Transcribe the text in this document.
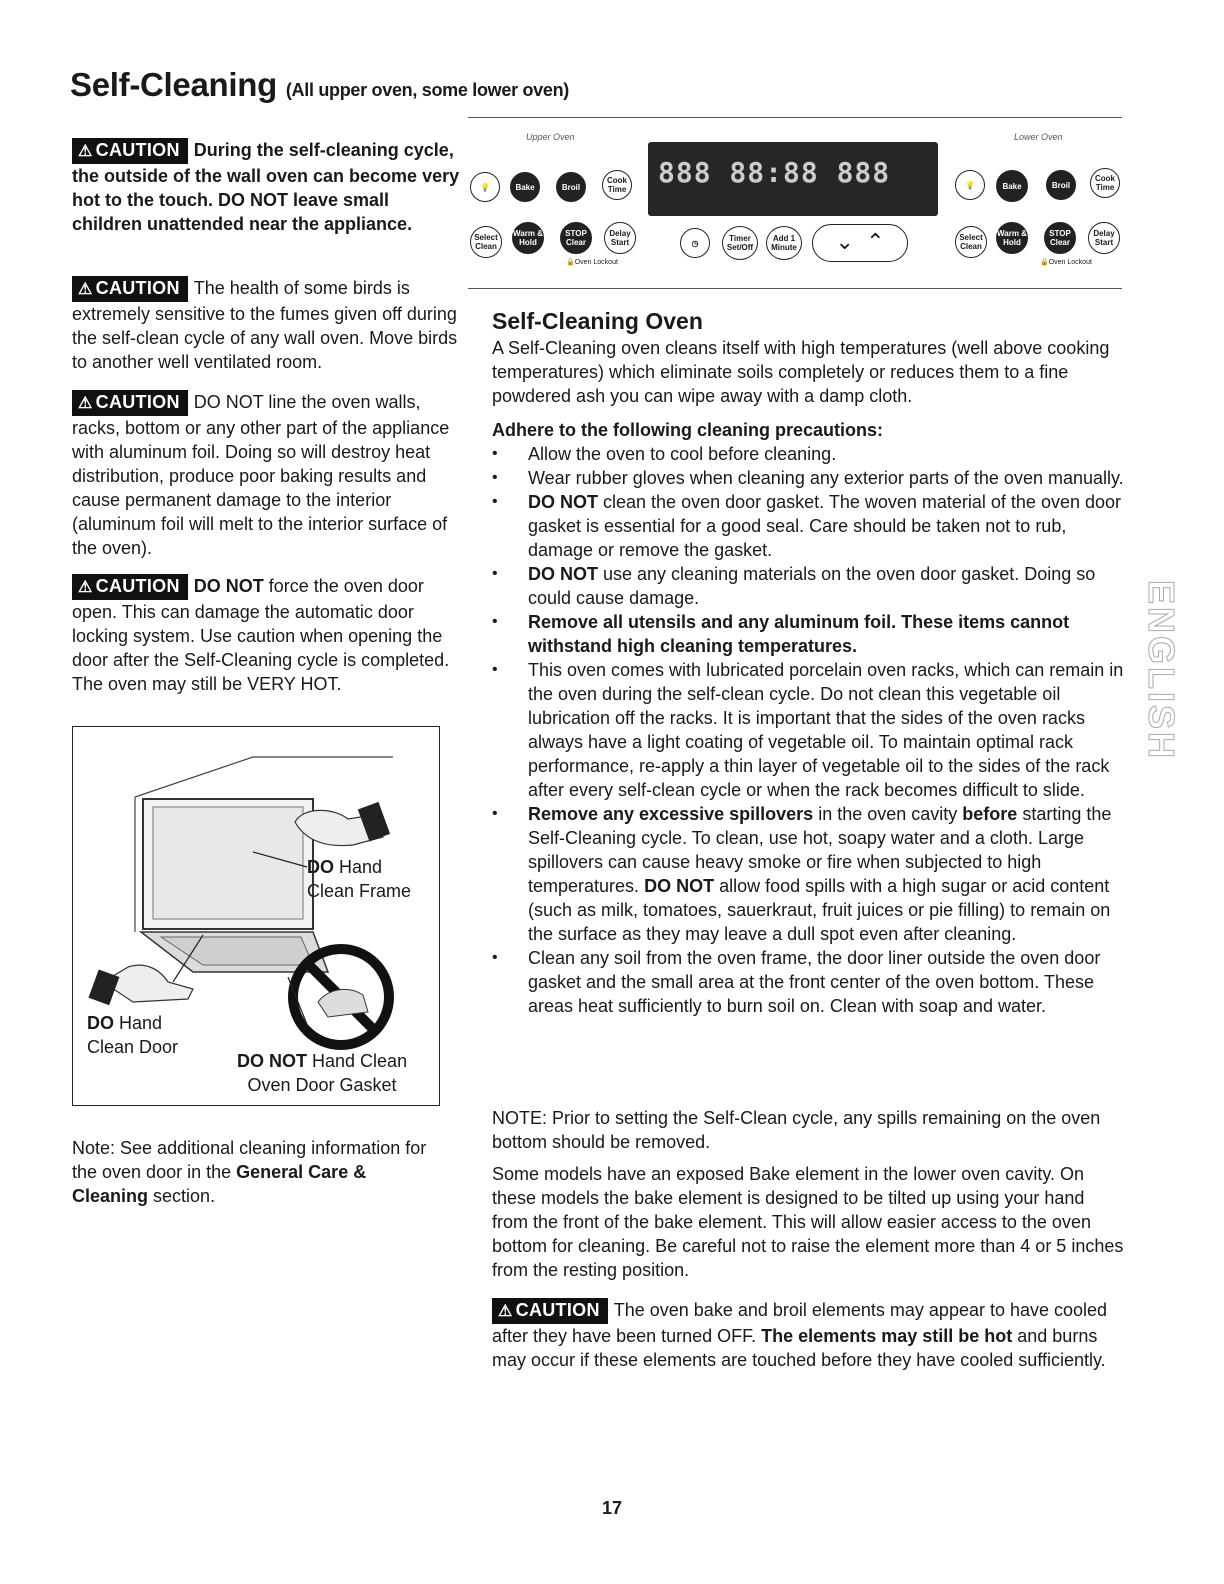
Self-Cleaning (All upper oven, some lower oven)
⚠ CAUTION During the self-cleaning cycle, the outside of the wall oven can become very hot to the touch. DO NOT leave small children unattended near the appliance.
⚠ CAUTION The health of some birds is extremely sensitive to the fumes given off during the self-clean cycle of any wall oven. Move birds to another well ventilated room.
⚠ CAUTION DO NOT line the oven walls, racks, bottom or any other part of the appliance with aluminum foil. Doing so will destroy heat distribution, produce poor baking results and cause permanent damage to the interior (aluminum foil will melt to the interior surface of the oven).
⚠ CAUTION DO NOT force the oven door open. This can damage the automatic door locking system. Use caution when opening the door after the Self-Cleaning cycle is completed. The oven may still be VERY HOT.
DO Hand
Clean Frame
DO Hand
Clean Door
DO NOT Hand Clean
Oven Door Gasket
Note: See additional cleaning information for the oven door in the General Care & Cleaning section.
Upper Oven	Lower Oven
💡	Bake	Broil
Cook Time
Select Clean
Warm & Hold
STOP Clear
Delay Start
🔒Oven Lockout
888 88:88 888
◷	Timer Set/Off
Add 1 Minute	⌄ ⌃
💡	Bake	Broil
Cook Time
Select Clean
Warm & Hold
STOP Clear
Delay Start
🔒Oven Lockout
Self-Cleaning Oven
A Self-Cleaning oven cleans itself with high temperatures (well above cooking temperatures) which eliminate soils completely or reduces them to a fine powdered ash you can wipe away with a damp cloth.
Adhere to the following cleaning precautions:
• Allow the oven to cool before cleaning.
• Wear rubber gloves when cleaning any exterior parts of the oven manually.
• DO NOT clean the oven door gasket. The woven material of the oven door gasket is essential for a good seal. Care should be taken not to rub, damage or remove the gasket.
• DO NOT use any cleaning materials on the oven door gasket. Doing so could cause damage.
• Remove all utensils and any aluminum foil. These items cannot withstand high cleaning temperatures.
• This oven comes with lubricated porcelain oven racks, which can remain in the oven during the self-clean cycle. Do not clean this vegetable oil lubrication off the racks. It is important that the sides of the oven racks always have a light coating of vegetable oil. To maintain optimal rack performance, re-apply a thin layer of vegetable oil to the sides of the rack after every self-clean cycle or when the rack becomes difficult to slide.
• Remove any excessive spillovers in the oven cavity before starting the Self-Cleaning cycle. To clean, use hot, soapy water and a cloth. Large spillovers can cause heavy smoke or fire when subjected to high temperatures. DO NOT allow food spills with a high sugar or acid content (such as milk, tomatoes, sauerkraut, fruit juices or pie filling) to remain on the surface as they may leave a dull spot even after cleaning.
• Clean any soil from the oven frame, the door liner outside the oven door gasket and the small area at the front center of the oven bottom. These areas heat sufficiently to burn soil on. Clean with soap and water.
NOTE: Prior to setting the Self-Clean cycle, any spills remaining on the oven bottom should be removed.
Some models have an exposed Bake element in the lower oven cavity. On these models the bake element is designed to be tilted up using your hand from the front of the bake element. This will allow easier access to the oven bottom for cleaning. Be careful not to raise the element more than 4 or 5 inches from the resting position.
⚠ CAUTION The oven bake and broil elements may appear to have cooled after they have been turned OFF. The elements may still be hot and burns may occur if these elements are touched before they have cooled sufficiently.
ENGLISH
17
